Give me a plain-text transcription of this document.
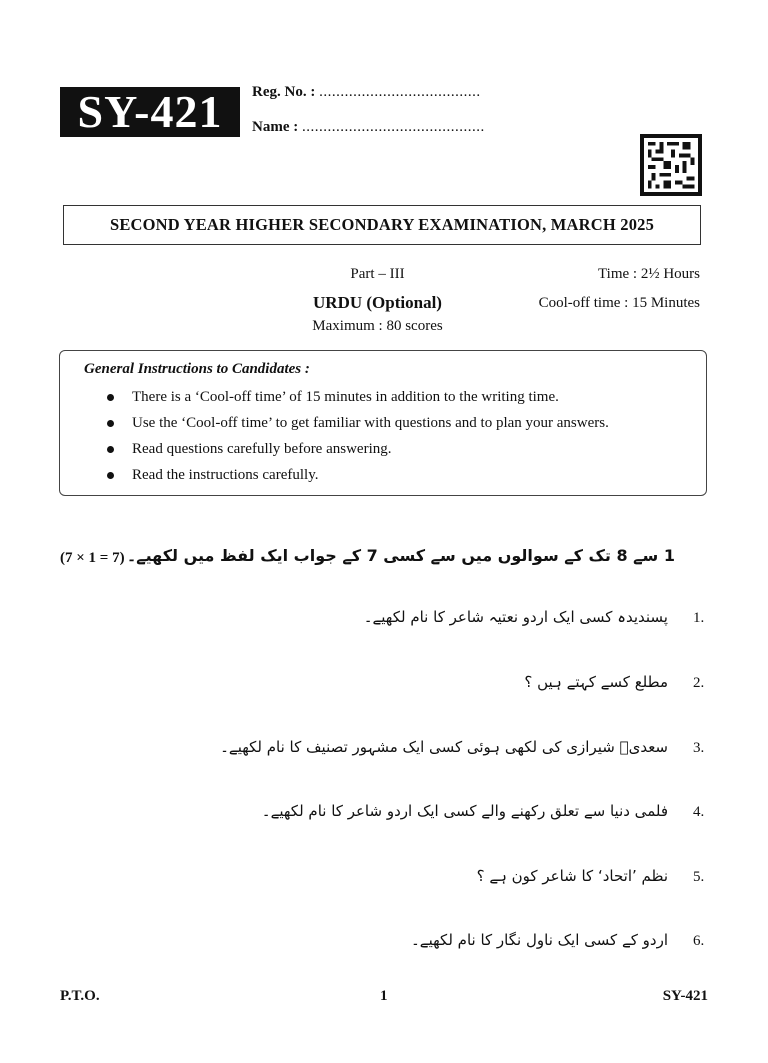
SY-421	Reg. No. : ......................................
Name : ...........................................
SECOND YEAR HIGHER SECONDARY EXAMINATION, MARCH 2025
Part – III
URDU (Optional)
Maximum : 80 scores
Time : 2½ Hours
Cool-off time : 15 Minutes
General Instructions to Candidates :
There is a ‘Cool-off time’ of 15 minutes in addition to the writing time.
Use the ‘Cool-off time’ to get familiar with questions and to plan your answers.
Read questions carefully before answering.
Read the instructions carefully.
(7 × 1 = 7) 1 سے 8 تک کے سوالوں میں سے کسی 7 کے جواب ایک لفظ میں لکھیے۔
1.
پسندیدہ کسی ایک اردو نعتیہ شاعر کا نام لکھیے۔
2.
مطلع کسے کہتے ہیں ؟
3.
سعدیؔ شیرازی کی لکھی ہوئی کسی ایک مشہور تصنیف کا نام لکھیے۔
4.
فلمی دنیا سے تعلق رکھنے والے کسی ایک اردو شاعر کا نام لکھیے۔
5.
نظم ’اتحاد‘ کا شاعر کون ہے ؟
6.
اردو کے کسی ایک ناول نگار کا نام لکھیے۔
P.T.O.	1	SY-421
